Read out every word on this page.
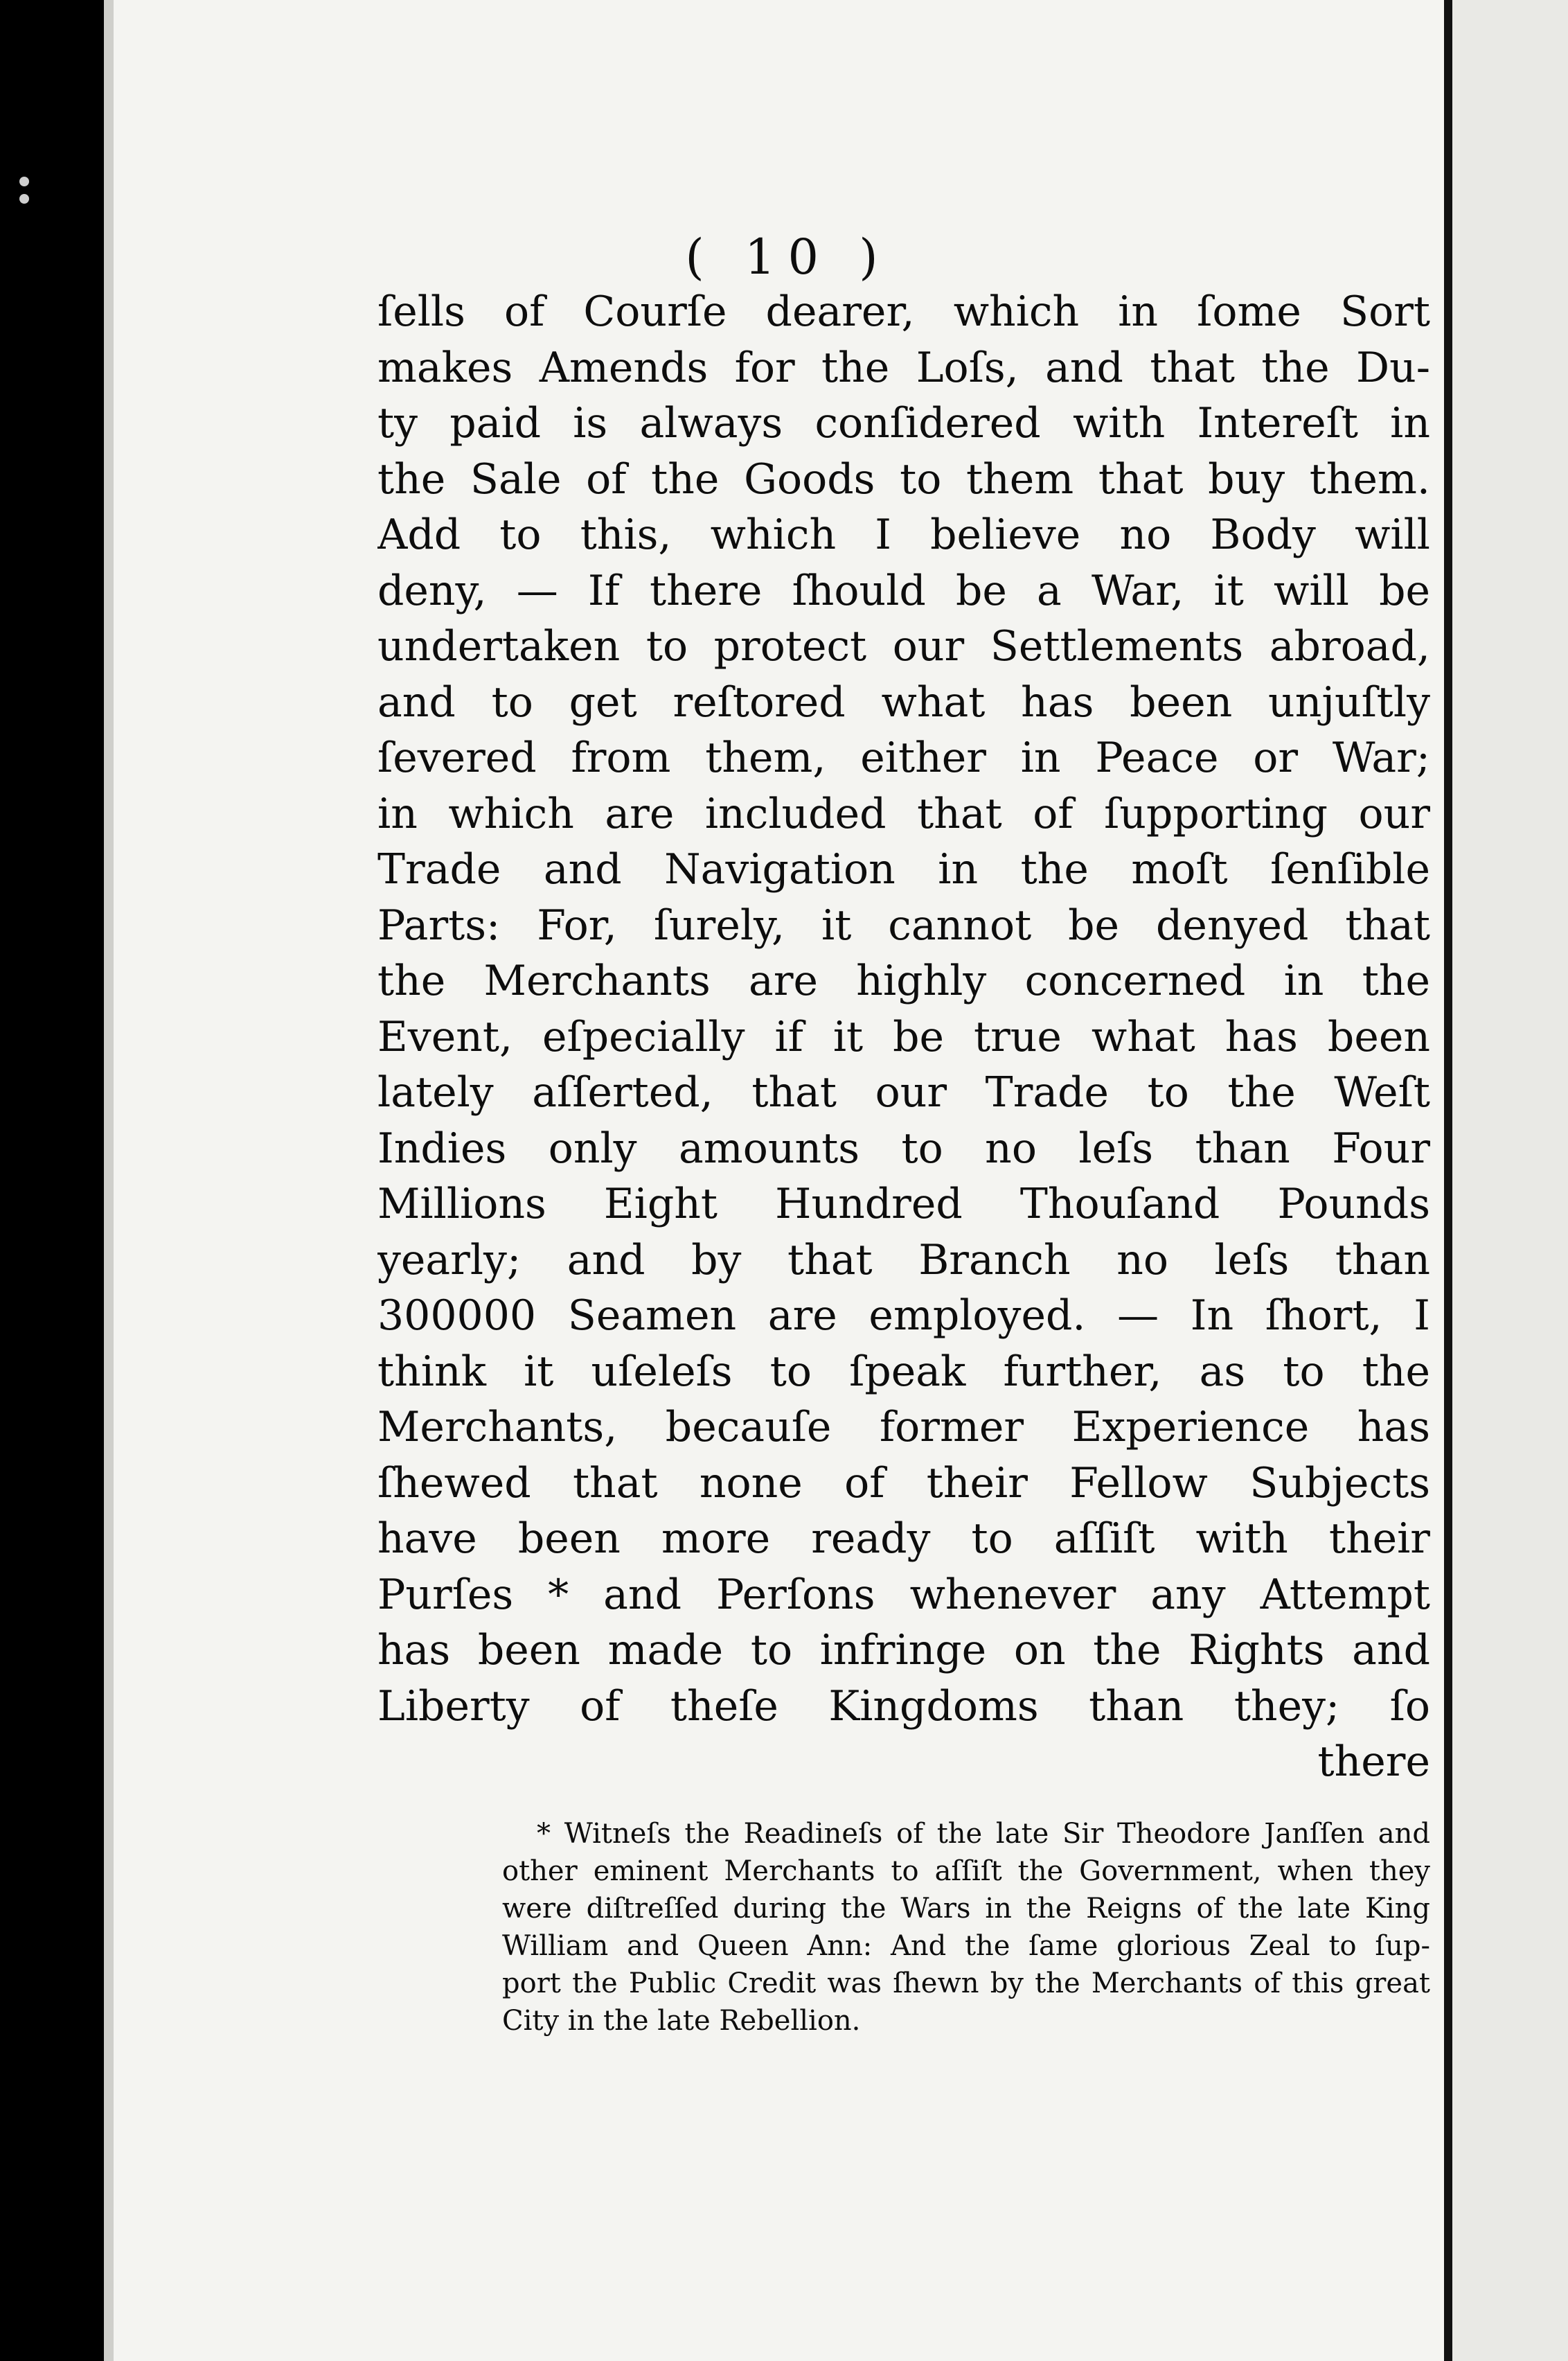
( 10 )
ſells of Courſe dearer, which in ſome Sort
makes Amends for the Loſs, and that the Du-
ty paid is always conſidered with Intereſt in
the Sale of the Goods to them that buy them.
Add to this, which I believe no Body will
deny, — If there ſhould be a War, it will be
undertaken to protect our Settlements abroad,
and to get reſtored what has been unjuſtly
ſevered from them, either in Peace or War;
in which are included that of ſupporting our
Trade and Navigation in the moſt ſenſible
Parts: For, ſurely, it cannot be denyed that
the Merchants are highly concerned in the
Event, eſpecially if it be true what has been
lately aſſerted, that our Trade to the Weſt
Indies only amounts to no leſs than Four
Millions Eight Hundred Thouſand Pounds
yearly; and by that Branch no leſs than
300000 Seamen are employed. — In ſhort, I
think it uſeleſs to ſpeak further, as to the
Merchants, becauſe former Experience has
ſhewed that none of their Fellow Subjects
have been more ready to aſſiſt with their
Purſes * and Perſons whenever any Attempt
has been made to infringe on the Rights and
Liberty of theſe Kingdoms than they; ſo
there
* Witneſs the Readineſs of the late Sir Theodore Janſſen and
other eminent Merchants to aſſiſt the Government, when they
were diſtreſſed during the Wars in the Reigns of the late King
William and Queen Ann: And the ſame glorious Zeal to ſup-
port the Public Credit was ſhewn by the Merchants of this great
City in the late Rebellion.
